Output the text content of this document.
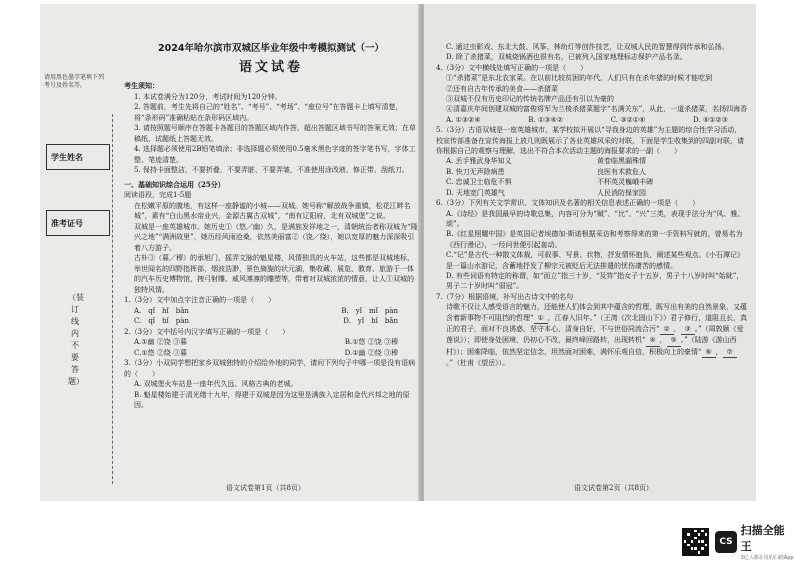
请用黑色墨字笔填下列考号及姓名等。
学生姓名
准考证号
（装订线内不要答题）
2024年哈尔滨市双城区毕业年级中考模拟测试（一）
语文试卷
考生须知：
1. 本试卷满分为120分，考试时间为120分钟。
2. 答题前，考生先将自己的“姓名”、“考号”、“考场”、“座位号”在答题卡上填写清楚，将“条形码”准确粘贴在条形码区域内。
3. 请按照题号顺序在答题卡各题目的答题区域内作答，超出答题区域书写的答案无效；在草稿纸、试题纸上答题无效。
4. 选择题必须使用2B铅笔填涂；非选择题必须使用0.5毫米黑色字迹的签字笔书写，字体工整、笔迹清楚。
5. 保持卡面整洁，不要折叠、不要弄脏、不要弄皱，不准使用涂改液、修正带、刮纸刀。
一、基础知识综合运用（25分）
阅读语段，完成1-5题
在松嫩平原的腹地，有这样一座静谧的小城——双城。她号称“解放战争重镇，松花江畔名城”，素有“白山黑水帝业兴，金源古翼古双城”，“南有辽阳府，北有双城堡”之说。
双城是一座英雄城市。她历史①（悠／幽）久，是满族发祥地之一，清朝统治者称双城为“隆兴之地”“满洲故里”，她历经风雨沧桑，依然美丽富②（饶／绕），她以宽厚的魅力深深吸引着八方游子。
古朴③（暮／穆）的承旭门，摇弄文脉的魁星楼，风情独具的火车站，这些都是双城地标，举世闻名的四野指挥部，烟波浩渺，景色旖旎的状元湖，集收藏、展览、教育、旅游于一体的汽车历史博物馆，拽弓射雕、威风凛凛的雕塑等，带着对双城浓浓的情意，让人①双城的独特风情。
1.（3分）文中加点字注音正确的一项是（　　）
A.　qǐ　hǐ　bǎn	B.　yǐ　mǐ　pàn
C.　qǐ　hǐ　pàn	D.　yǐ　hǐ　bǎn
2.（3分）文中括号内汉字填写正确的一项是（　　）
A.①幽 ②饶 ③暮	B.①悠 ②饶 ③穆
C.①悠 ②绕 ③暮	D.①幽 ②绕 ③穆
3.（3分）小双同学想把家乡双城独特的介绍给外地的同学，请问下列句子中哪一项是没有语病的（　　）
A. 双城堡火车站是一座年代久远、风格古典的老城。
B. 魁星楼始建于清光绪十九年，得建于双城是因为这里是满族入定居和金代兴邦之地的原因。
语文试卷第1页（共8页）
C. 通过虫影戏、东北大鼓、风筝、林幼灯等创作技艺，让双城人民的智慧得到传承和弘扬。
D. 除了杀猪菜，双城烧锅酒也很有名，已被列入国家地理标志保护产品名录。
4.（3分）文中横线处填写正确的一项是（　　）
①“杀猪菜”是东北农家菜。在以前比较贫困的年代，人们只有在杀年猪的时候才能吃到
②还有自古年传承的美食——杀猪菜
③双城不仅有历史印记的传统名牌产品还有引以为豪的
④清嘉庆年间创建双城的富俊将军为兰棱杀猪菜题字“名满关东”，从此，一道杀猪菜，名扬四海香
A. ①③②④	B. ①③④②	C. ③②①④	D. ④①②③
5.（3分）古语双城是一座英雄城市，某学校拟开展以“寻我身边的英雄”为主题的综合性学习活动，校宣传部准备在宣传海报上放几则既展示了各业英雄风采的对联，下面是学生收集到的四副对联，请你根据自己的观察与理解，选出不符合本次活动主题的海报要求的一副（　　）
A. 丢手雅武身华知义	黄卷临黑漏殊情
B. 快刀无声除病患	良医有术救危人
C. 忠诚卫士临危不惧	不杯英灵巍峨丰碑
D. 天地宽门英雄气	人民消防保家园
6.（3分）下列有关文学常识、文体知识及名著的相关信息表述正确的一项是（　　）
A.《诗经》是我国最早的诗歌总集，内容可分为“赋”、“比”、“兴”三类，表现手法分为“风、雅、颂”。
B.《红星照耀中国》是英国记者埃德加·斯诺根据采访和考察得来的第一手资料写就的，曾易名为《西行漫记》，一经问世便引起轰动。
C.“记”是古代一种散文体裁，可叙事、写景、状物，抒发情怀抱负，阐述某些观点。《小石潭记》是一篇山水游记，含蓄地抒发了柳宗元被贬后无法排遣的忧伤凄苦的感情。
D. 有些词语有特定的称谓，如“而立”指三十岁，“及笄”指女子十五岁，男子十八岁时叫“始龀”，男子二十岁时叫“弱冠”。
7.（7分）根据语境，补写出古诗文中的名句
诗歌不仅让人感受语言的魅力，还能使人们体会到其中蕴含的哲理，既写出有美的自然景象，又蕴含着新事物不可阻挡的哲理“ ① ，江春入旧年。”（王湾《次北固山下》）君子修行，道阻且长，真正的君子，面对不良诱惑，坚守本心，清身自好，不与世俗同流合污“ ② ， ③ 。”（周敦颐《爱莲说》）；即使身处困境，仍初心不改，最终峰回路转，出现转机“ ④ ， ⑤ 。”（陆游《游山西村》）；困难降临，依然坚定信念，坦然面对困难，满怀乐观自信，积极向上的豪情“ ⑥ ， ⑦。”（杜甫《望岳》）。
语文试卷第2页（共8页）
CS
扫描全能王
3亿人都在用的扫描App
